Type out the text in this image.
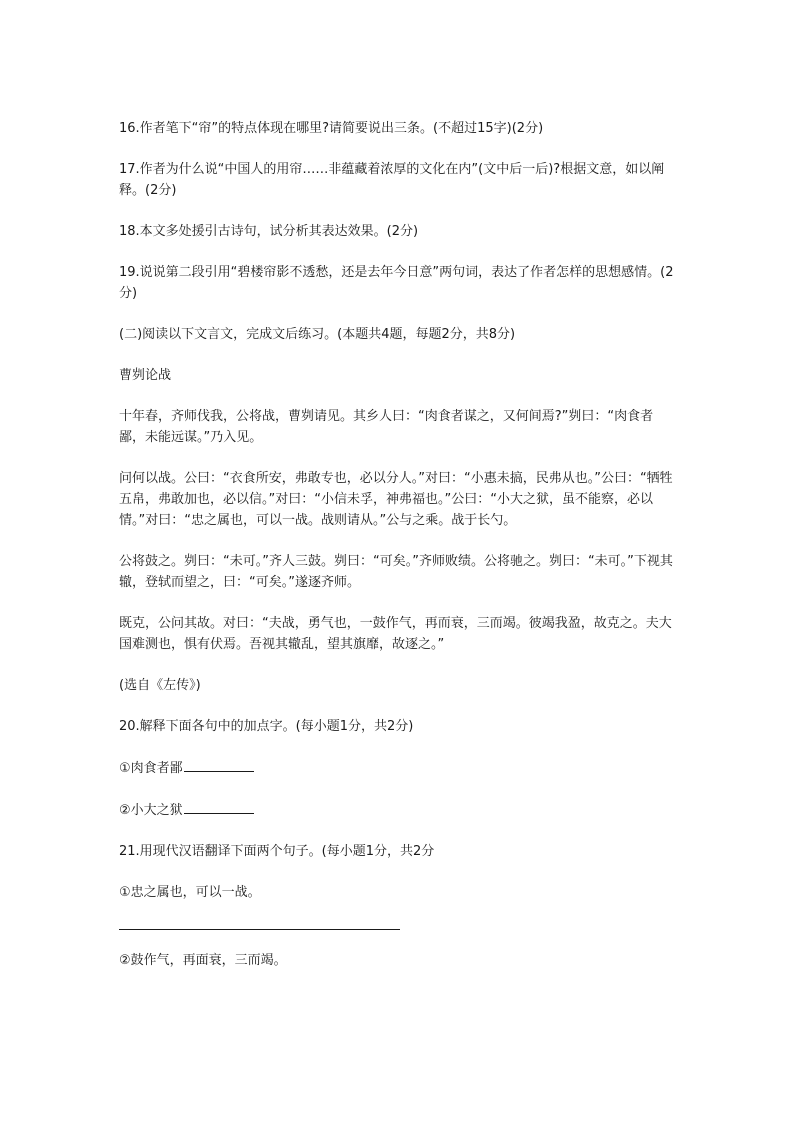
16.作者笔下“帘”的特点体现在哪里?请简要说出三条。(不超过15字)(2分)

17.作者为什么说“中国人的用帘……非蕴藏着浓厚的文化在内”(文中后一后)?根据文意，如以阐释。(2分)

18.本文多处援引古诗句，试分析其表达效果。(2分)

19.说说第二段引用“碧楼帘影不透愁，还是去年今日意”两句词，表达了作者怎样的思想感情。(2分)

(二)阅读以下文言文，完成文后练习。(本题共4题，每题2分，共8分)

曹刿论战

十年春，齐师伐我，公将战，曹刿请见。其乡人曰：“肉食者谋之，又何间焉?”刿曰：“肉食者鄙，未能远谋。”乃入见。

问何以战。公曰：“衣食所安，弗敢专也，必以分人。”对曰：“小惠未搞，民弗从也。”公曰：“牺牲五帛，弗敢加也，必以信。”对曰：“小信未孚，神弗福也。”公曰：“小大之狱，虽不能察，必以情。”对曰：“忠之属也，可以一战。战则请从。”公与之乘。战于长勺。

公将鼓之。刿曰：“未可。”齐人三鼓。刿曰：“可矣。”齐师败绩。公将驰之。刿曰：“未可。”下视其辙，登轼而望之，曰：“可矣。”遂逐齐师。

既克，公问其故。对曰：“夫战，勇气也，一鼓作气，再而衰，三而竭。彼竭我盈，故克之。夫大国难测也，惧有伏焉。吾视其辙乱，望其旗靡，故逐之。”

(选自《左传》)

20.解释下面各句中的加点字。(每小题1分，共2分)

①肉食者鄙

②小大之狱

21.用现代汉语翻译下面两个句子。(每小题1分，共2分

①忠之属也，可以一战。

②鼓作气，再面衰，三而竭。
